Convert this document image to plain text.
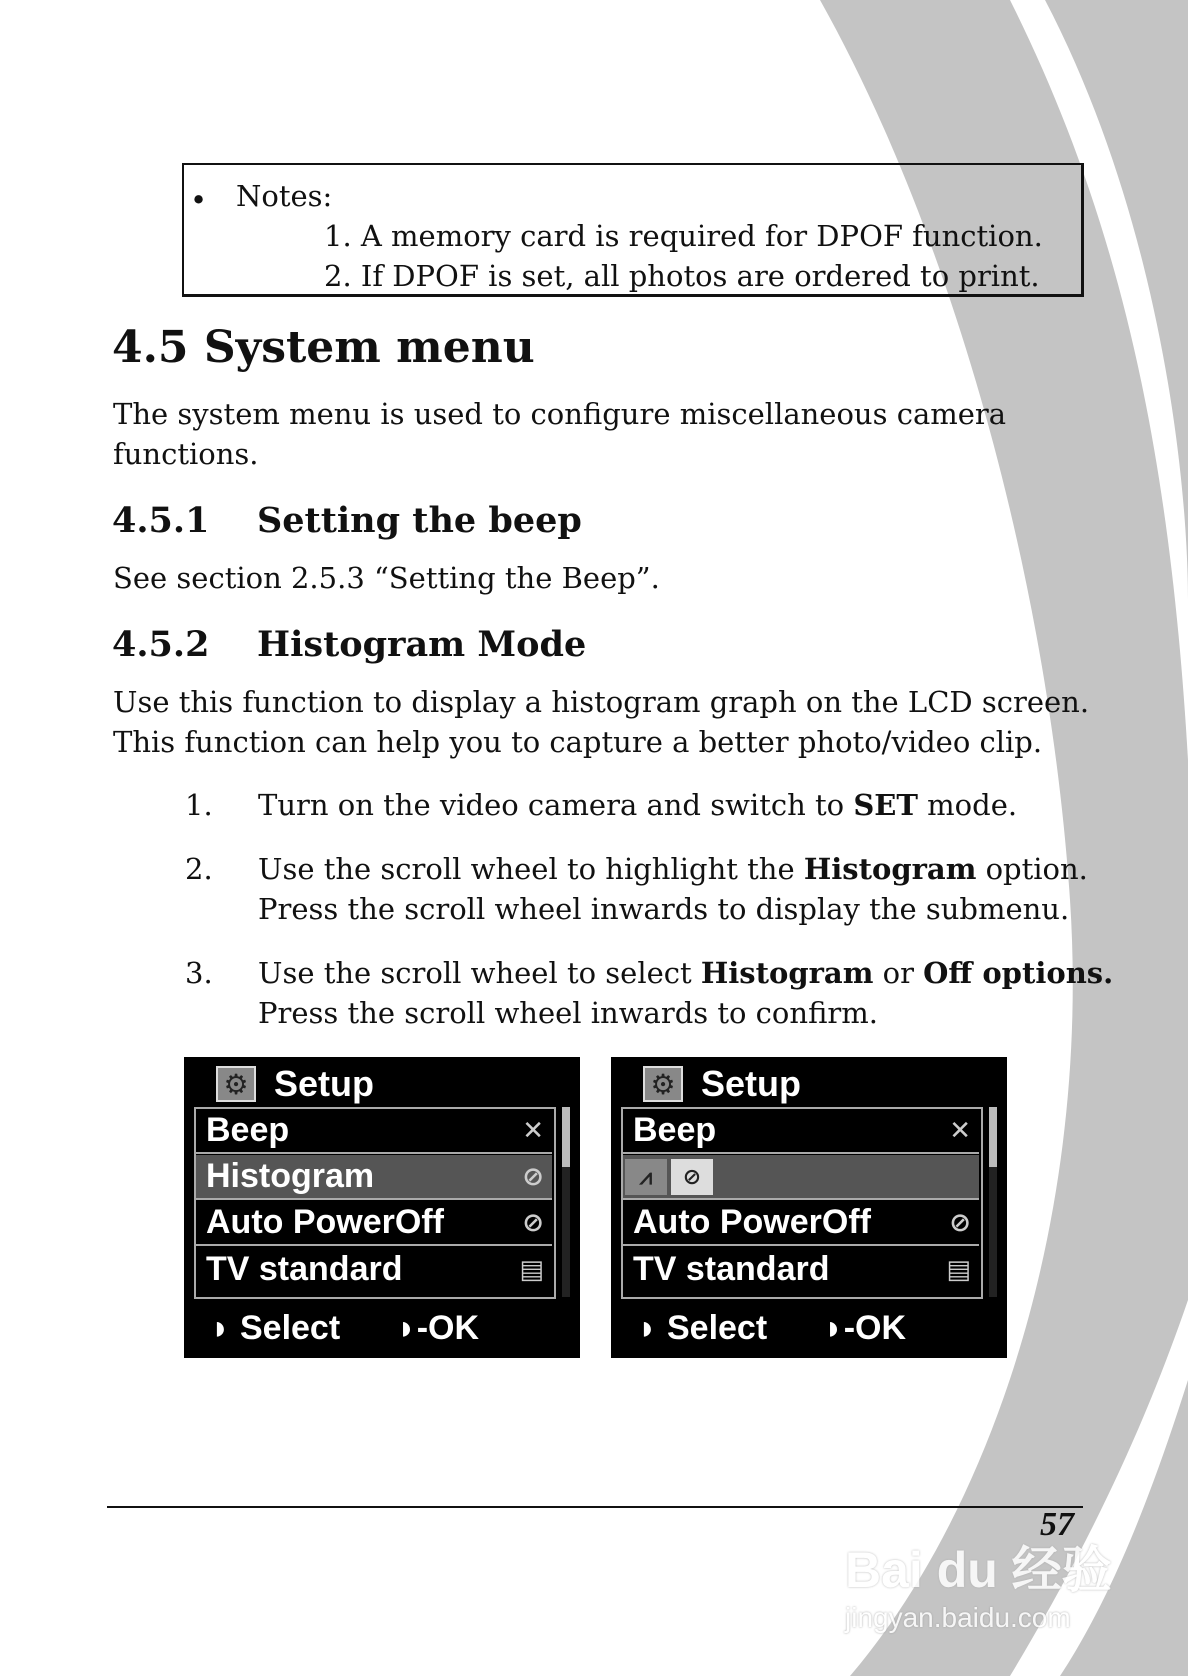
• Notes:
1. A memory card is required for DPOF function.
2. If DPOF is set, all photos are ordered to print.
4.5 System menu
The system menu is used to configure miscellaneous camera
functions.
4.5.1 Setting the beep
See section 2.5.3 “Setting the Beep”.
4.5.2 Histogram Mode
Use this function to display a histogram graph on the LCD screen.
This function can help you to capture a better photo/video clip.
1. Turn on the video camera and switch to SET mode.
2. Use the scroll wheel to highlight the Histogram option.
Press the scroll wheel inwards to display the submenu.
3. Use the scroll wheel to select Histogram or Off options.
Press the scroll wheel inwards to confirm.
⚙ Setup
Beep	✕
Histogram	⊘
Auto PowerOff	⊘
TV standard	▤
◗ Select ◗-OK
⚙ Setup
Beep	✕
⩘	⊘
Auto PowerOff	⊘
TV standard	▤
◗ Select ◗-OK
57
Bai du 经验
jingyan.baidu.com
